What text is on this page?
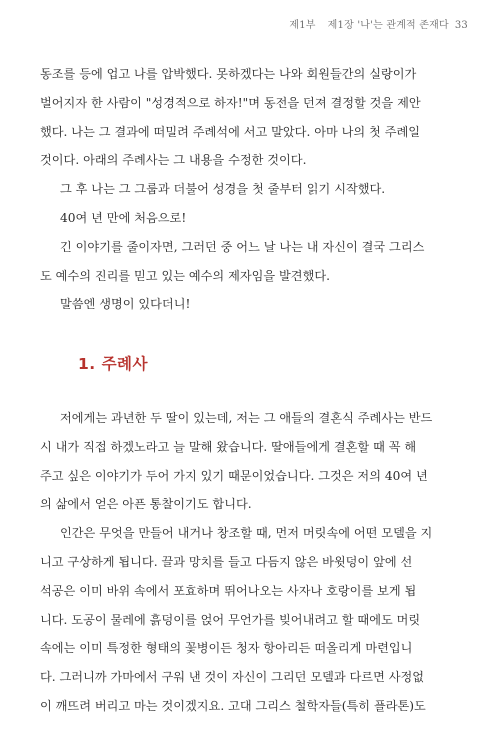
제1부 제1장 '나'는 관계적 존재다 33
동조를 등에 업고 나를 압박했다. 못하겠다는 나와 회원들간의 실랑이가
벌어지자 한 사람이 "성경적으로 하자!"며 동전을 던져 결정할 것을 제안
했다. 나는 그 결과에 떠밀려 주례석에 서고 말았다. 아마 나의 첫 주례일
것이다. 아래의 주례사는 그 내용을 수정한 것이다.
그 후 나는 그 그룹과 더불어 성경을 첫 줄부터 읽기 시작했다.
40여 년 만에 처음으로!
긴 이야기를 줄이자면, 그러던 중 어느 날 나는 내 자신이 결국 그리스
도 예수의 진리를 믿고 있는 예수의 제자임을 발견했다.
말씀엔 생명이 있다더니!
1. 주례사
저에게는 과년한 두 딸이 있는데, 저는 그 애들의 결혼식 주례사는 반드
시 내가 직접 하겠노라고 늘 말해 왔습니다. 딸애들에게 결혼할 때 꼭 해
주고 싶은 이야기가 두어 가지 있기 때문이었습니다. 그것은 저의 40여 년
의 삶에서 얻은 아픈 통찰이기도 합니다.
인간은 무엇을 만들어 내거나 창조할 때, 먼저 머릿속에 어떤 모델을 지
니고 구상하게 됩니다. 끌과 망치를 들고 다듬지 않은 바윗덩이 앞에 선
석공은 이미 바위 속에서 포효하며 뛰어나오는 사자나 호랑이를 보게 됩
니다. 도공이 물레에 흙덩이를 얹어 무언가를 빚어내려고 할 때에도 머릿
속에는 이미 특정한 형태의 꽃병이든 청자 항아리든 떠올리게 마련입니
다. 그러니까 가마에서 구워 낸 것이 자신이 그리던 모델과 다르면 사정없
이 깨뜨려 버리고 마는 것이겠지요. 고대 그리스 철학자들(특히 플라톤)도
